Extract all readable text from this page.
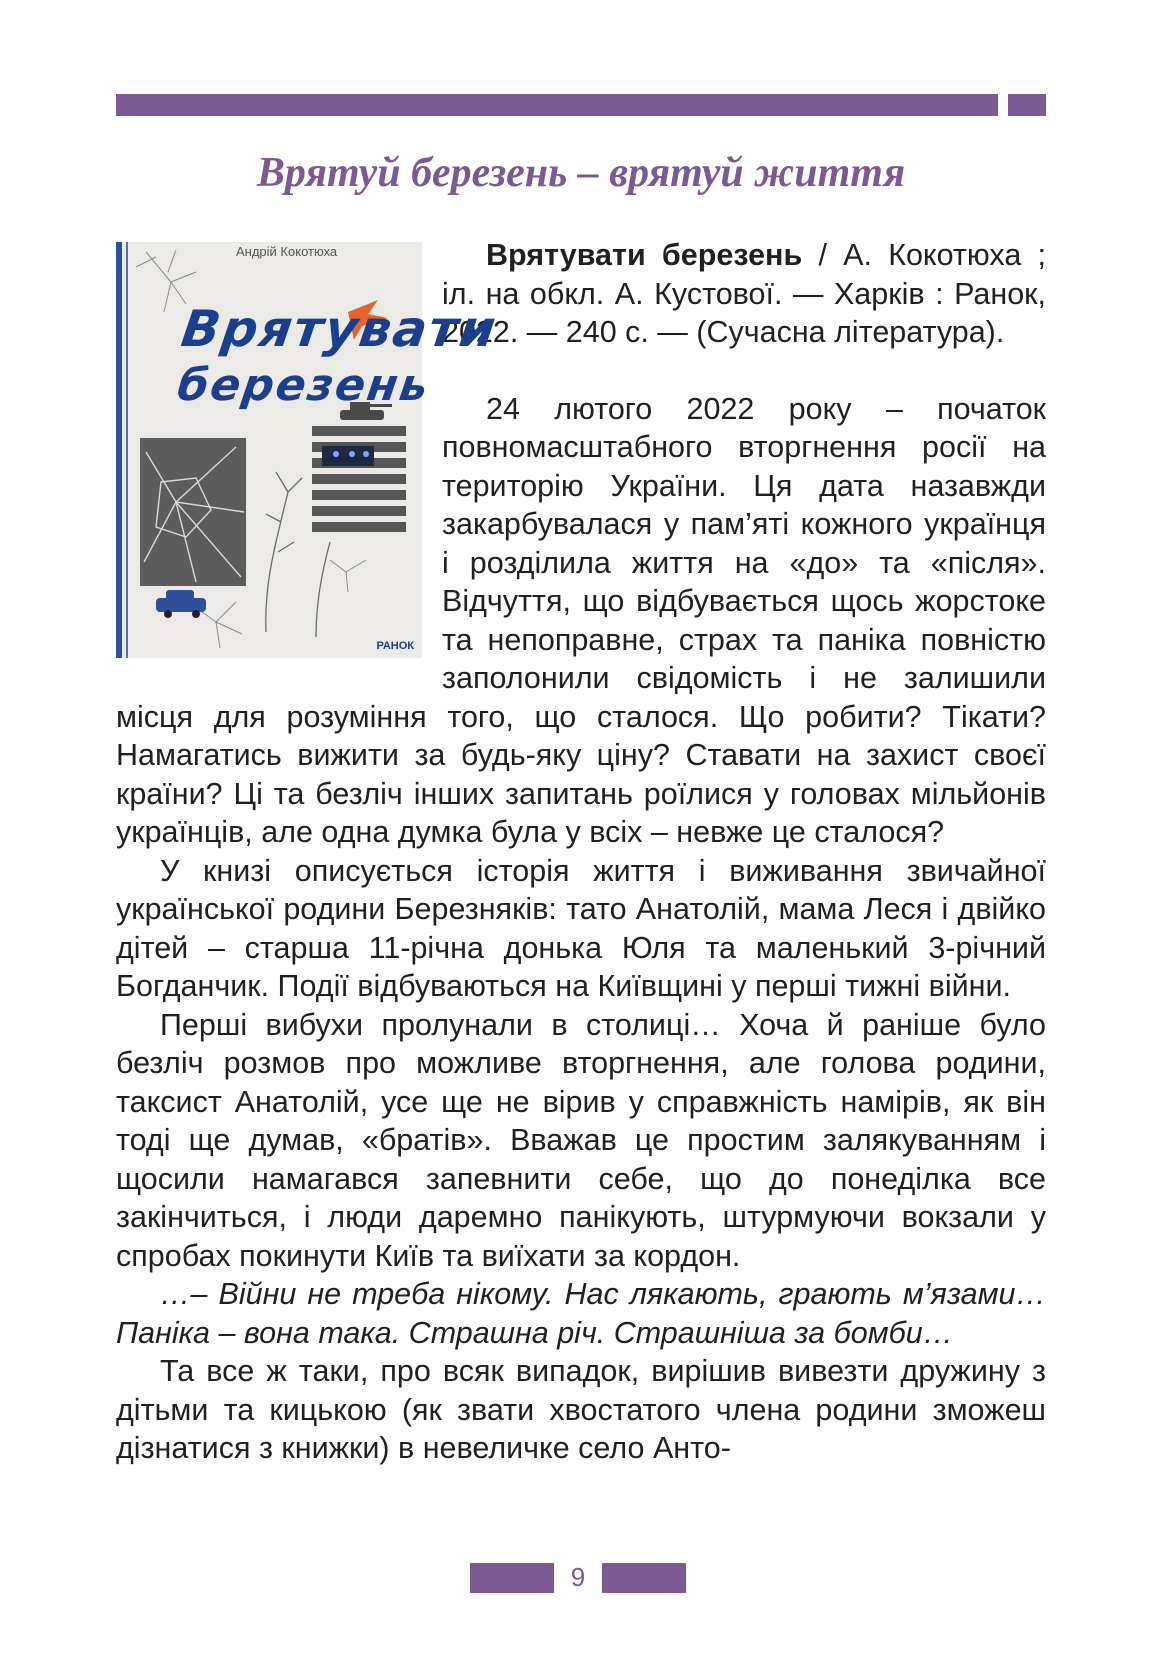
Врятуй березень – врятуй життя
Андрій Кокотюха
Врятувати
березень
РАНОК

Врятувати березень / А. Кокотюха ; іл. на обкл. А. Кустової. — Харків : Ранок, 2022. — 240 с. — (Сучасна література).

24 лютого 2022 року – початок повномасштабного вторгнення росії на територію України. Ця дата назавжди закарбувалася у пам’яті кожного українця і розділила життя на «до» та «після». Відчуття, що відбувається щось жорстоке та непоправне, страх та паніка повністю заполонили свідомість і не залишили місця для розуміння того, що сталося. Що робити? Тікати? Намагатись вижити за будь-яку ціну? Ставати на захист своєї країни? Ці та безліч інших запитань роїлися у головах мільйонів українців, але одна думка була у всіх – невже це сталося?

У книзі описується історія життя і виживання звичайної української родини Березняків: тато Анатолій, мама Леся і двійко дітей – старша 11-річна донька Юля та маленький 3-річний Богданчик. Події відбуваються на Київщині у перші тижні війни.

Перші вибухи пролунали в столиці… Хоча й раніше було безліч розмов про можливе вторгнення, але голова родини, таксист Анатолій, усе ще не вірив у справжність намірів, як він тоді ще думав, «братів». Вважав це простим залякуванням і щосили намагався запевнити себе, що до понеділка все закінчиться, і люди даремно панікують, штурмуючи вокзали у спробах покинути Київ та виїхати за кордон.

…– Війни не треба нікому. Нас лякають, грають м’язами… Паніка – вона така. Страшна річ. Страшніша за бомби…

Та все ж таки, про всяк випадок, вирішив вивезти дружину з дітьми та кицькою (як звати хвостатого члена родини зможеш дізнатися з книжки) в невеличке село Анто-

9
